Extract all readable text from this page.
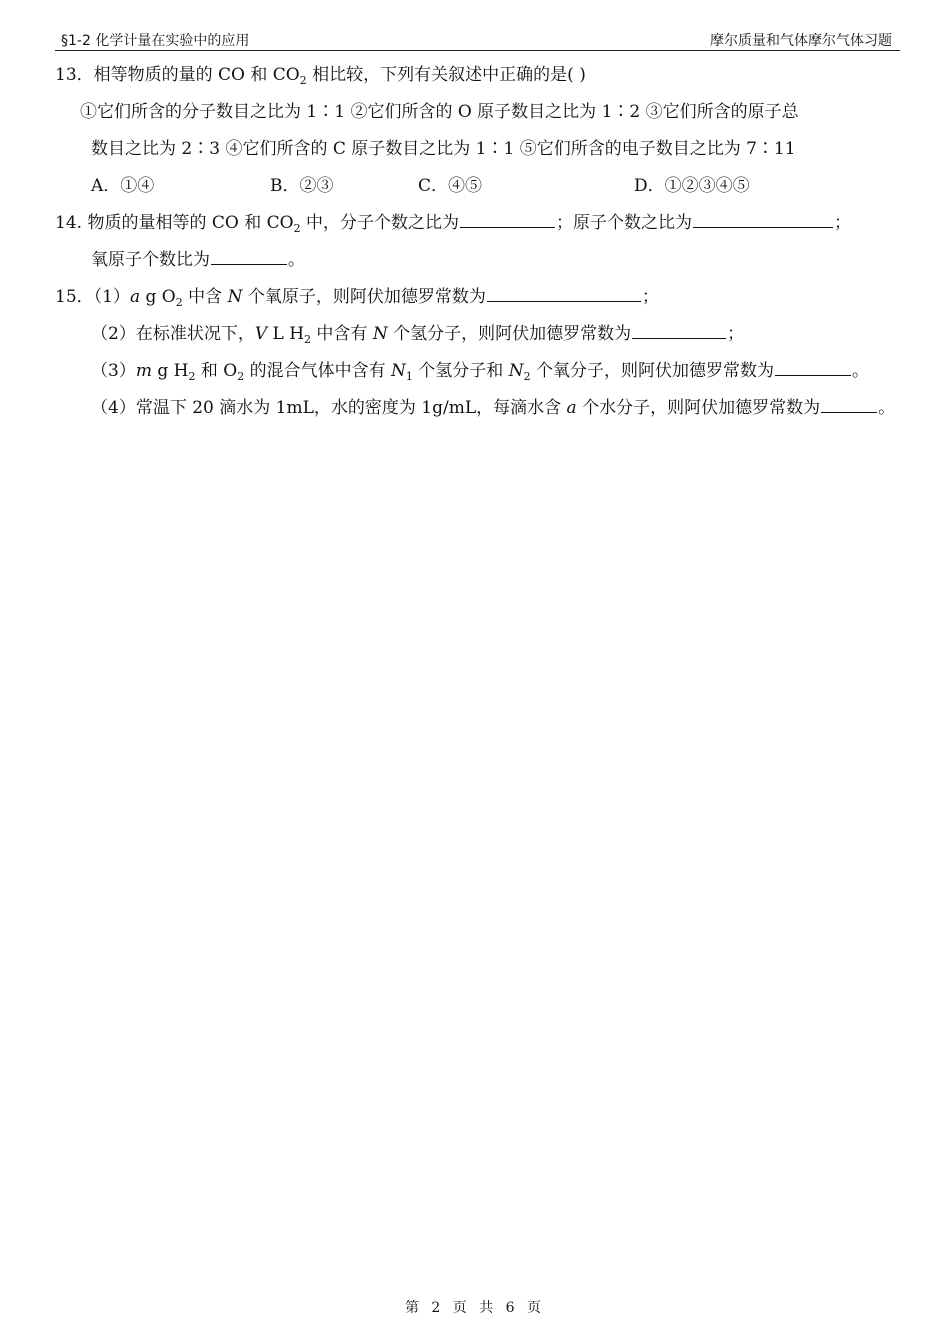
§1-2 化学计量在实验中的应用	摩尔质量和气体摩尔气体习题
13．相等物质的量的 CO 和 $CO_2$ 相比较，下列有关叙述中正确的是( )
①它们所含的分子数目之比为 1∶1 ②它们所含的 O 原子数目之比为 1∶2 ③它们所含的原子总
数目之比为 2∶3 ④它们所含的 C 原子数目之比为 1∶1 ⑤它们所含的电子数目之比为 7∶11
A．①④	B．②③	C．④⑤	D．①②③④⑤
14. 物质的量相等的 CO 和 $CO_2$ 中，分子个数之比为	；原子个数之比为	；
氧原子个数比为	。
15．（1）a g $O_2$ 中含 N 个氧原子，则阿伏加德罗常数为	；
（2）在标准状况下，V L $H_2$ 中含有 N 个氢分子，则阿伏加德罗常数为	；
（3）m g $H_2$ 和 $O_2$ 的混合气体中含有 $N_1$ 个氢分子和 $N_2$ 个氧分子，则阿伏加德罗常数为	。
（4）常温下 20 滴水为 1mL，水的密度为 1g/mL，每滴水含 a 个水分子，则阿伏加德罗常数为	。
第 2 页 共 6 页
